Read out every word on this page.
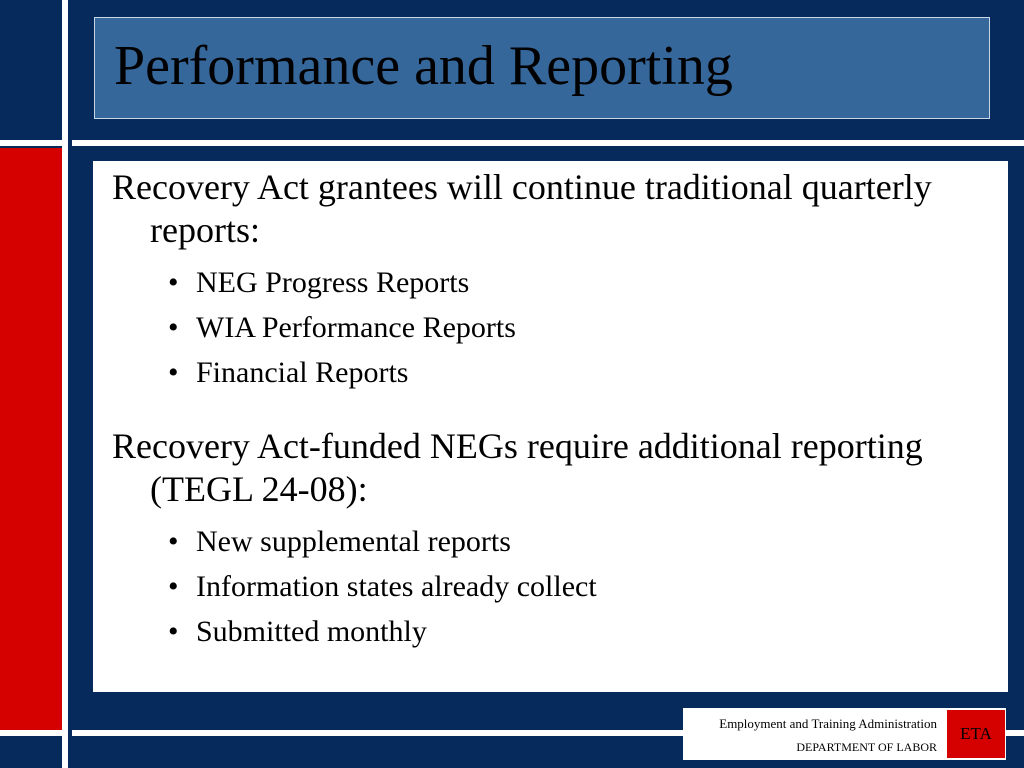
Performance and Reporting

Recovery Act grantees will continue traditional quarterly reports:

• NEG Progress Reports
• WIA Performance Reports
• Financial Reports

Recovery Act-funded NEGs require additional reporting (TEGL 24-08):

• New supplemental reports
• Information states already collect
• Submitted monthly
Employment and Training Administration
DEPARTMENT OF LABOR
ETA
